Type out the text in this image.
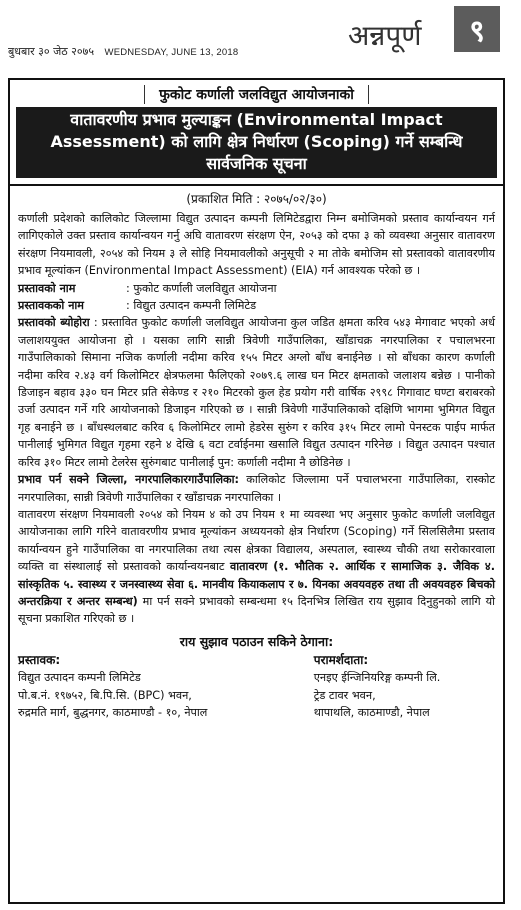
बुधबार ३० जेठ २०७५ WEDNESDAY, JUNE 13, 2018
अन्नपूर्ण	९
फुकोट कर्णाली जलविद्युत आयोजनाको
वातावरणीय प्रभाव मुल्याङ्कन (Environmental Impact Assessment) को लागि क्षेत्र निर्धारण (Scoping) गर्ने सम्बन्धि सार्वजनिक सूचना
(प्रकाशित मिति : २०७५/०२/३०)

कर्णाली प्रदेशको कालिकोट जिल्लामा विद्युत उत्पादन कम्पनी लिमिटेडद्वारा निम्न बमोजिमको प्रस्ताव कार्यान्वयन गर्न लागिएकोले उक्त प्रस्ताव कार्यान्वयन गर्नु अघि वातावरण संरक्षण ऐन, २०५३ को दफा ३ को व्यवस्था अनुसार वातावरण संरक्षण नियमावली, २०५४ को नियम ३ ले सोहि नियमावलीको अनुसूची २ मा तोके बमोजिम सो प्रस्तावको वातावरणीय प्रभाव मूल्यांकन (Environmental Impact Assessment) (EIA) गर्न आवश्यक परेको छ ।

प्रस्तावको नाम	: फुकोट कर्णाली जलविद्युत आयोजना
प्रस्तावकको नाम	: विद्युत उत्पादन कम्पनी लिमिटेड

प्रस्तावको ब्योहोरा : प्रस्तावित फुकोट कर्णाली जलविद्युत आयोजना कुल जडित क्षमता करिव ५४३ मेगावाट भएको अर्ध जलाशययुक्त आयोजना हो । यसका लागि सान्नी त्रिवेणी गाउँपालिका, खाँडाचक्र नगरपालिका र पचालभरना गाउँपालिकाको सिमाना नजिक कर्णाली नदीमा करिव १५५ मिटर अग्लो बाँध बनाईनेछ । सो बाँधका कारण कर्णाली नदीमा करिव २.४३ वर्ग किलोमिटर क्षेत्रफलमा फैलिएको २०७९.६ लाख घन मिटर क्षमताको जलाशय बन्नेछ । पानीको डिजाइन बहाव ३३० घन मिटर प्रति सेकेण्ड र २१० मिटरको कुल हेड प्रयोग गरी वार्षिक २९९८ गिगावाट घण्टा बराबरको उर्जा उत्पादन गर्ने गरि आयोजनाको डिजाइन गरिएको छ । सान्नी त्रिवेणी गाउँपालिकाको दक्षिणि भागमा भुमिगत विद्युत गृह बनाईने छ । बाँधस्थलबाट करिव ६ किलोमिटर लामो हेडरेस सुरुंग र करिव ३१५ मिटर लामो पेनस्टक पाईप मार्फत पानीलाई भुमिगत विद्युत गृहमा रहने ४ देखि ६ वटा टर्वाईनमा खसालि विद्युत उत्पादन गरिनेछ । विद्युत उत्पादन पश्चात करिव ३१० मिटर लामो टेलरेस सुरुंगबाट पानीलाई पुन: कर्णाली नदीमा नै छोडिनेछ ।

प्रभाव पर्न सक्ने जिल्ला, नगरपालिकारगाउँपालिका: कालिकोट जिल्लामा पर्ने पचालभरना गाउँपालिका, रास्कोट नगरपालिका, सान्नी त्रिवेणी गाउँपालिका र खाँडाचक्र नगरपालिका ।

वातावरण संरक्षण नियमावली २०५४ को नियम ४ को उप नियम १ मा व्यवस्था भए अनुसार फुकोट कर्णाली जलविद्युत आयोजनाका लागि गरिने वातावरणीय प्रभाव मूल्यांकन अध्ययनको क्षेत्र निर्धारण (Scoping) गर्ने सिलसिलैमा प्रस्ताव कार्यान्वयन हुने गाउँपालिका वा नगरपालिका तथा त्यस क्षेत्रका विद्यालय, अस्पताल, स्वास्थ्य चौकी तथा सरोकारवाला व्यक्ति वा संस्थालाई सो प्रस्तावको कार्यान्वयनबाट वातावरण (१. भौतिक २. आर्थिक र सामाजिक ३. जैविक ४. सांस्कृतिक ५. स्वास्थ्य र जनस्वास्थ्य सेवा ६. मानवीय कियाकलाप र ७. यिनका अवयवहरु तथा ती अवयवहरु बिचको अन्तरक्रिया र अन्तर सम्बन्ध) मा पर्न सक्ने प्रभावको सम्बन्धमा १५ दिनभित्र लिखित राय सुझाव दिनुहुनको लागि यो सूचना प्रकाशित गरिएको छ ।

राय सुझाव पठाउन सकिने ठेगाना:
प्रस्तावक:
विद्युत उत्पादन कम्पनी लिमिटेड
पो.ब.नं. १९७५२, बि.पि.सि. (BPC) भवन,
रुद्रमति मार्ग, बुद्धनगर, काठमाण्डौ - १०, नेपाल
परामर्शदाता:
एनइए ईन्जिनियरिङ्ग कम्पनी लि.
ट्रेड टावर भवन,
थापाथलि, काठमाण्डौ, नेपाल
